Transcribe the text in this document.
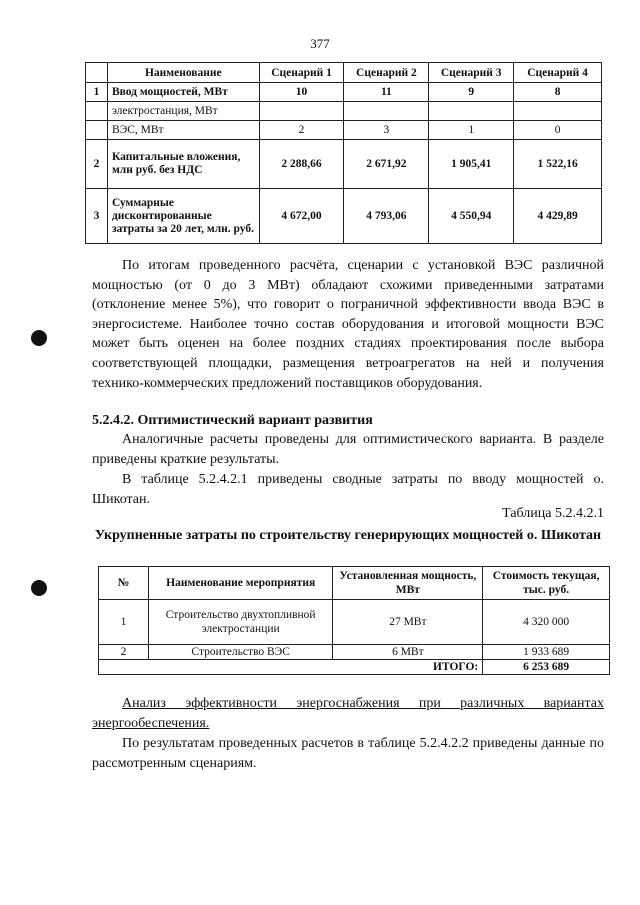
377
	Наименование	Сценарий 1	Сценарий 2	Сценарий 3	Сценарий 4
1	Ввод мощностей, МВт	10	11	9	8
	электростанция, МВт				
	ВЭС, МВт	2	3	1	0
2	Капитальные вложения, млн руб. без НДС	2 288,66	2 671,92	1 905,41	1 522,16
3	Суммарные дисконтированные затраты за 20 лет, млн. руб.	4 672,00	4 793,06	4 550,94	4 429,89

По итогам проведенного расчёта, сценарии с установкой ВЭС различной мощностью (от 0 до 3 МВт) обладают схожими приведенными затратами (отклонение менее 5%), что говорит о пограничной эффективности ввода ВЭС в энергосистеме. Наиболее точно состав оборудования и итоговой мощности ВЭС может быть оценен на более поздних стадиях проектирования после выбора соответствующей площадки, размещения ветроагрегатов на ней и получения технико-коммерческих предложений поставщиков оборудования.

5.2.4.2. Оптимистический вариант развития

Аналогичные расчеты проведены для оптимистического варианта. В разделе приведены краткие результаты.

В таблице 5.2.4.2.1 приведены сводные затраты по вводу мощностей о. Шикотан.

Таблица 5.2.4.2.1
Укрупненные затраты по строительству генерирующих мощностей о. Шикотан
№	Наименование мероприятия	Установленная мощность, МВт	Стоимость текущая, тыс. руб.
1	Строительство двухтопливной электростанции	27 МВт	4 320 000
2	Строительство ВЭС	6 МВт	1 933 689
ИТОГО:			6 253 689

Анализ эффективности энергоснабжения при различных вариантах энергообеспечения.

По результатам проведенных расчетов в таблице 5.2.4.2.2 приведены данные по рассмотренным сценариям.
